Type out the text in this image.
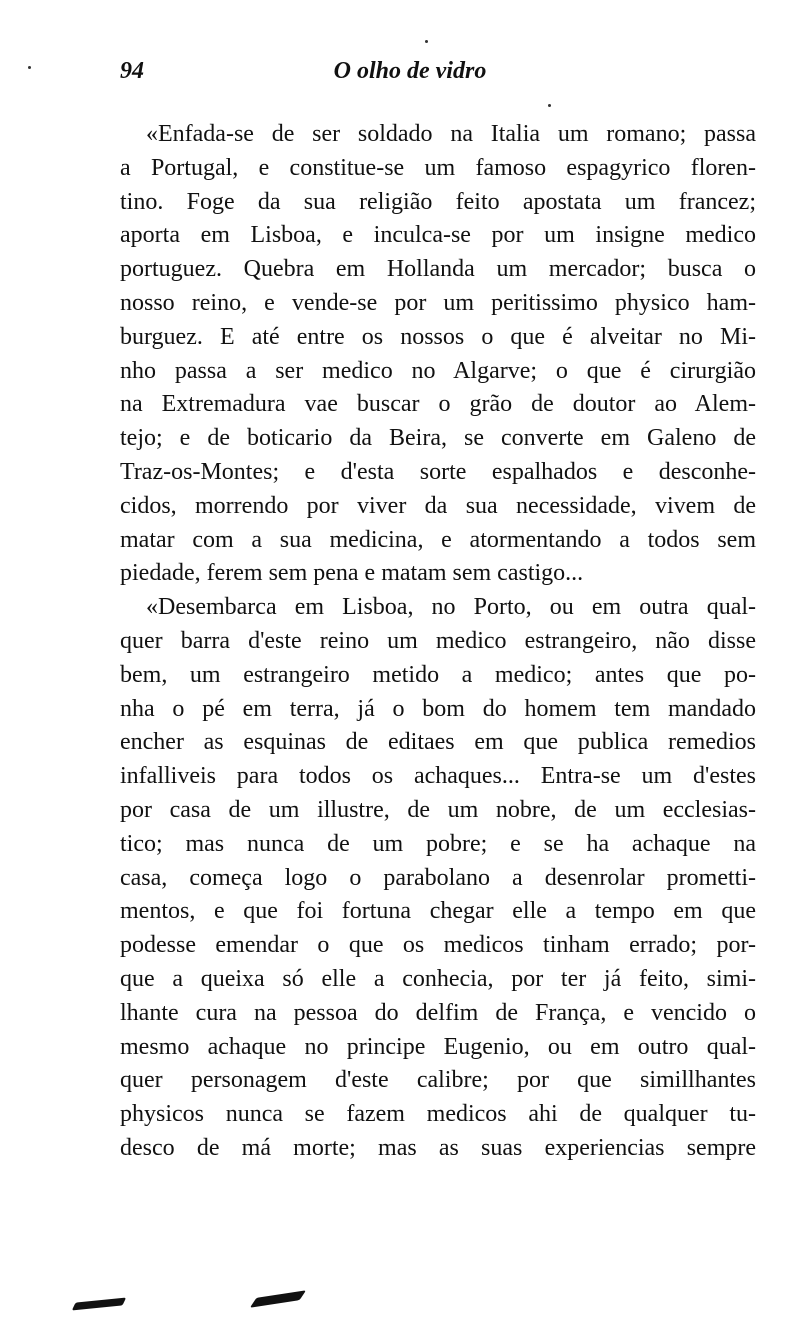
94	O olho de vidro
«Enfada-se de ser soldado na Italia um romano; passa
a Portugal, e constitue-se um famoso espagyrico floren-
tino. Foge da sua religião feito apostata um francez;
aporta em Lisboa, e inculca-se por um insigne medico
portuguez. Quebra em Hollanda um mercador; busca o
nosso reino, e vende-se por um peritissimo physico ham-
burguez. E até entre os nossos o que é alveitar no Mi-
nho passa a ser medico no Algarve; o que é cirurgião
na Extremadura vae buscar o grão de doutor ao Alem-
tejo; e de boticario da Beira, se converte em Galeno de
Traz-os-Montes; e d'esta sorte espalhados e desconhe-
cidos, morrendo por viver da sua necessidade, vivem de
matar com a sua medicina, e atormentando a todos sem
piedade, ferem sem pena e matam sem castigo...
«Desembarca em Lisboa, no Porto, ou em outra qual-
quer barra d'este reino um medico estrangeiro, não disse
bem, um estrangeiro metido a medico; antes que po-
nha o pé em terra, já o bom do homem tem mandado
encher as esquinas de editaes em que publica remedios
infalliveis para todos os achaques... Entra-se um d'estes
por casa de um illustre, de um nobre, de um ecclesias-
tico; mas nunca de um pobre; e se ha achaque na
casa, começa logo o parabolano a desenrolar prometti-
mentos, e que foi fortuna chegar elle a tempo em que
podesse emendar o que os medicos tinham errado; por-
que a queixa só elle a conhecia, por ter já feito, simi-
lhante cura na pessoa do delfim de França, e vencido o
mesmo achaque no principe Eugenio, ou em outro qual-
quer personagem d'este calibre; por que simillhantes
physicos nunca se fazem medicos ahi de qualquer tu-
desco de má morte; mas as suas experiencias sempre
